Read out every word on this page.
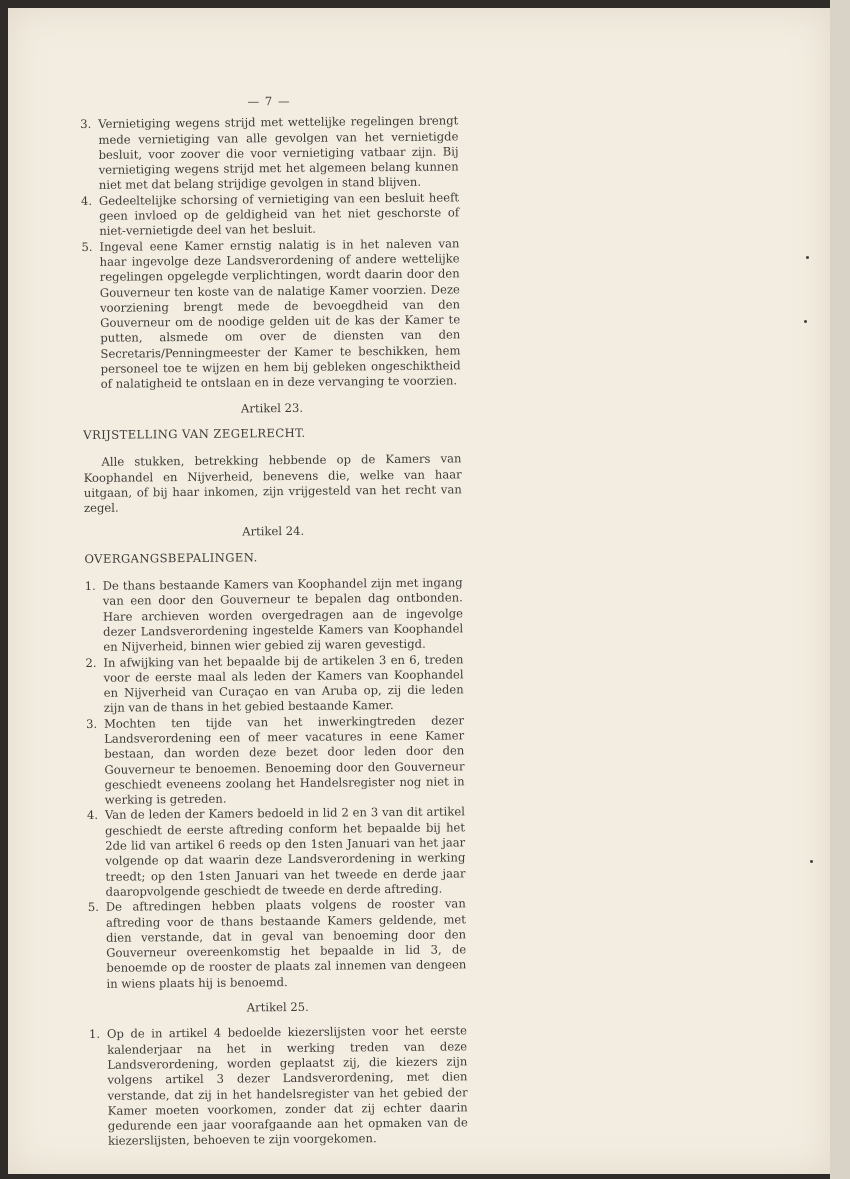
— 7 —
3. Vernietiging wegens strijd met wettelijke regelingen brengt mede vernietiging van alle gevolgen van het vernietigde besluit, voor zoover die voor vernietiging vatbaar zijn. Bij vernietiging wegens strijd met het algemeen belang kunnen niet met dat belang strijdige gevolgen in stand blijven.
4. Gedeeltelijke schorsing of vernietiging van een besluit heeft geen invloed op de geldigheid van het niet geschorste of niet-vernietigde deel van het besluit.
5. Ingeval eene Kamer ernstig nalatig is in het naleven van haar ingevolge deze Landsverordening of andere wettelijke regelingen opgelegde verplichtingen, wordt daarin door den Gouverneur ten koste van de nalatige Kamer voorzien. Deze voorziening brengt mede de bevoegdheid van den Gouverneur om de noodige gelden uit de kas der Kamer te putten, alsmede om over de diensten van den Secretaris/Penningmeester der Kamer te beschikken, hem personeel toe te wijzen en hem bij gebleken ongeschiktheid of nalatigheid te ontslaan en in deze vervanging te voorzien.
Artikel 23.
VRIJSTELLING VAN ZEGELRECHT.
Alle stukken, betrekking hebbende op de Kamers van Koophandel en Nijverheid, benevens die, welke van haar uitgaan, of bij haar inkomen, zijn vrijgesteld van het recht van zegel.
Artikel 24.
OVERGANGSBEPALINGEN.
1. De thans bestaande Kamers van Koophandel zijn met ingang van een door den Gouverneur te bepalen dag ontbonden. Hare archieven worden overgedragen aan de ingevolge dezer Landsverordening ingestelde Kamers van Koophandel en Nijverheid, binnen wier gebied zij waren gevestigd.
2. In afwijking van het bepaalde bij de artikelen 3 en 6, treden voor de eerste maal als leden der Kamers van Koophandel en Nijverheid van Curaçao en van Aruba op, zij die leden zijn van de thans in het gebied bestaande Kamer.
3. Mochten ten tijde van het inwerkingtreden dezer Landsverordening een of meer vacatures in eene Kamer bestaan, dan worden deze bezet door leden door den Gouverneur te benoemen. Benoeming door den Gouverneur geschiedt eveneens zoolang het Handelsregister nog niet in werking is getreden.
4. Van de leden der Kamers bedoeld in lid 2 en 3 van dit artikel geschiedt de eerste aftreding conform het bepaalde bij het 2de lid van artikel 6 reeds op den 1sten Januari van het jaar volgende op dat waarin deze Landsverordening in werking treedt; op den 1sten Januari van het tweede en derde jaar daaropvolgende geschiedt de tweede en derde aftreding.
5. De aftredingen hebben plaats volgens de rooster van aftreding voor de thans bestaande Kamers geldende, met dien verstande, dat in geval van benoeming door den Gouverneur overeenkomstig het bepaalde in lid 3, de benoemde op de rooster de plaats zal innemen van dengeen in wiens plaats hij is benoemd.
Artikel 25.
1. Op de in artikel 4 bedoelde kiezerslijsten voor het eerste kalenderjaar na het in werking treden van deze Landsverordening, worden geplaatst zij, die kiezers zijn volgens artikel 3 dezer Landsverordening, met dien verstande, dat zij in het handelsregister van het gebied der Kamer moeten voorkomen, zonder dat zij echter daarin gedurende een jaar voorafgaande aan het opmaken van de kiezerslijsten, behoeven te zijn voorgekomen.
